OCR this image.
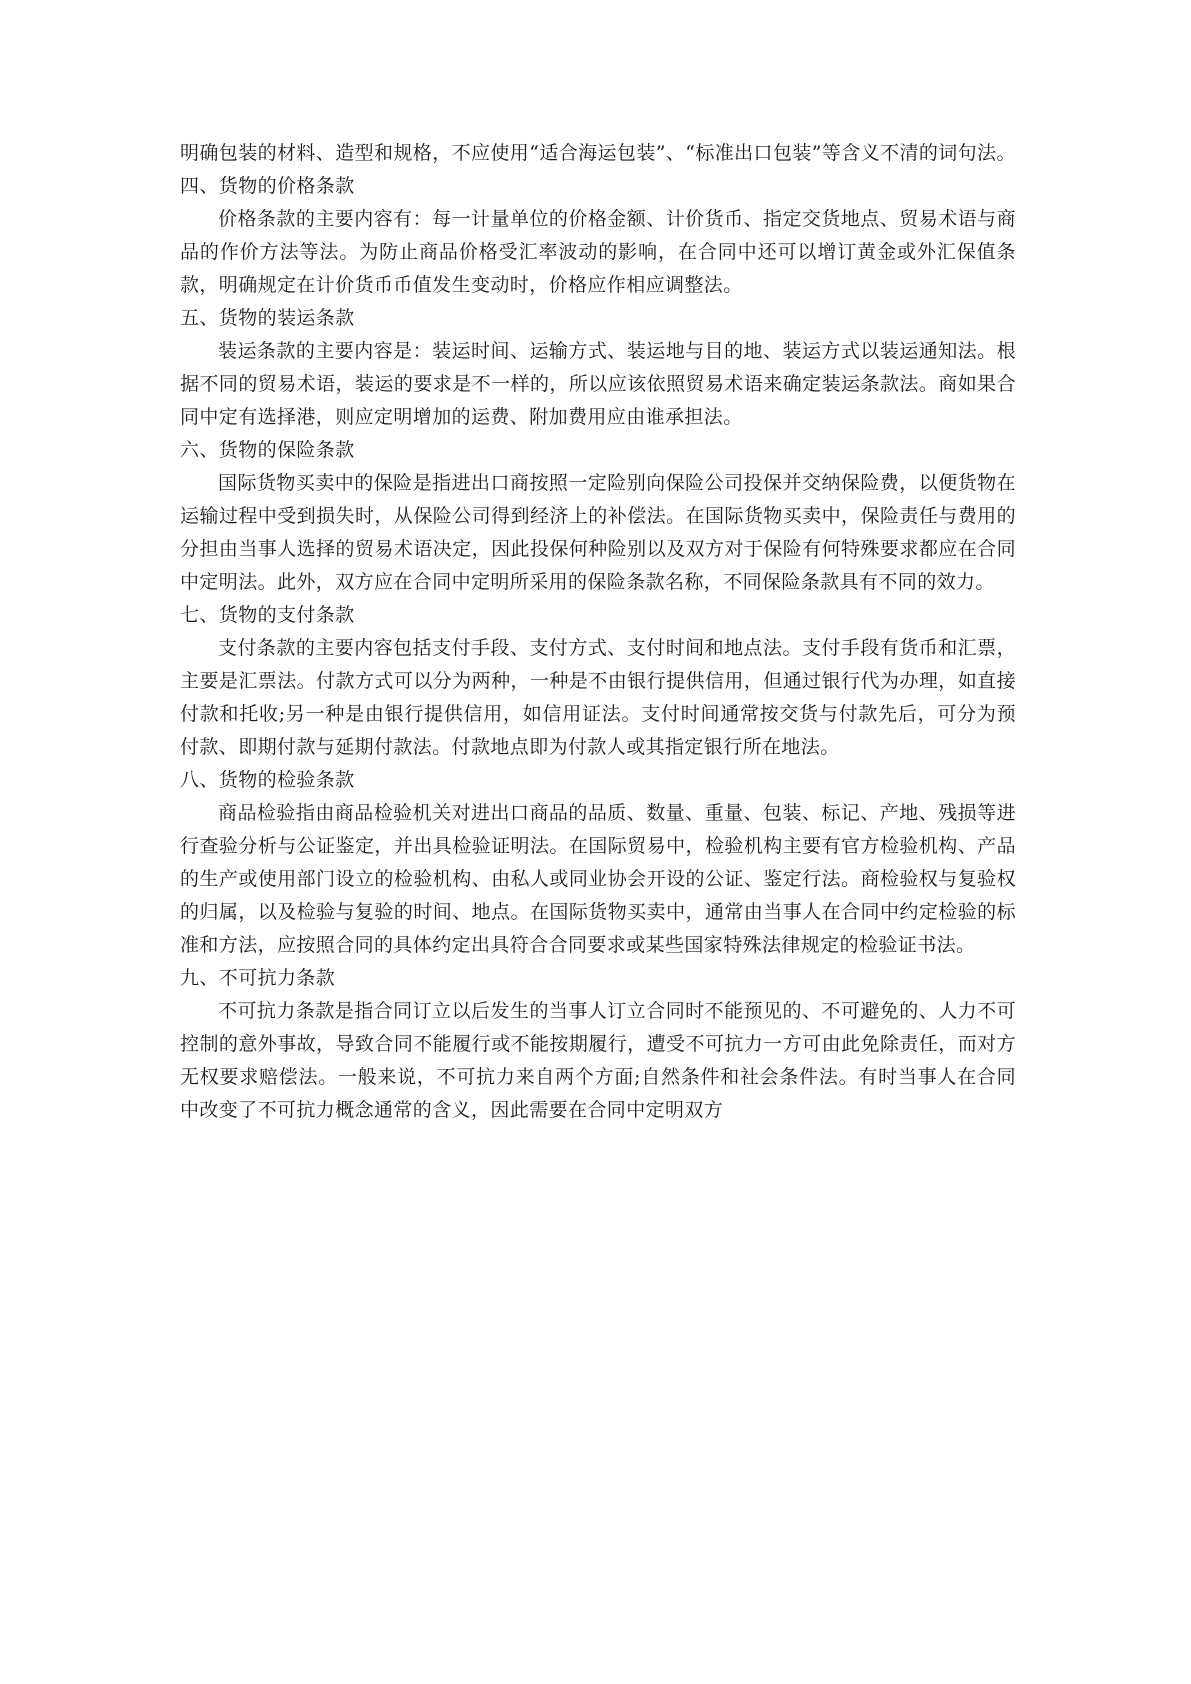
明确包装的材料、造型和规格，不应使用“适合海运包装”、“标准出口包装”等含义不清的词句法。

四、货物的价格条款

价格条款的主要内容有：每一计量单位的价格金额、计价货币、指定交货地点、贸易术语与商品的作价方法等法。为防止商品价格受汇率波动的影响，在合同中还可以增订黄金或外汇保值条款，明确规定在计价货币币值发生变动时，价格应作相应调整法。

五、货物的装运条款

装运条款的主要内容是：装运时间、运输方式、装运地与目的地、装运方式以装运通知法。根据不同的贸易术语，装运的要求是不一样的，所以应该依照贸易术语来确定装运条款法。商如果合同中定有选择港，则应定明增加的运费、附加费用应由谁承担法。

六、货物的保险条款

国际货物买卖中的保险是指进出口商按照一定险别向保险公司投保并交纳保险费，以便货物在运输过程中受到损失时，从保险公司得到经济上的补偿法。在国际货物买卖中，保险责任与费用的分担由当事人选择的贸易术语决定，因此投保何种险别以及双方对于保险有何特殊要求都应在合同中定明法。此外，双方应在合同中定明所采用的保险条款名称，不同保险条款具有不同的效力。

七、货物的支付条款

支付条款的主要内容包括支付手段、支付方式、支付时间和地点法。支付手段有货币和汇票，主要是汇票法。付款方式可以分为两种，一种是不由银行提供信用，但通过银行代为办理，如直接付款和托收;另一种是由银行提供信用，如信用证法。支付时间通常按交货与付款先后，可分为预付款、即期付款与延期付款法。付款地点即为付款人或其指定银行所在地法。

八、货物的检验条款

商品检验指由商品检验机关对进出口商品的品质、数量、重量、包装、标记、产地、残损等进行查验分析与公证鉴定，并出具检验证明法。在国际贸易中，检验机构主要有官方检验机构、产品的生产或使用部门设立的检验机构、由私人或同业协会开设的公证、鉴定行法。商检验权与复验权的归属，以及检验与复验的时间、地点。在国际货物买卖中，通常由当事人在合同中约定检验的标准和方法，应按照合同的具体约定出具符合合同要求或某些国家特殊法律规定的检验证书法。

九、不可抗力条款

不可抗力条款是指合同订立以后发生的当事人订立合同时不能预见的、不可避免的、人力不可控制的意外事故，导致合同不能履行或不能按期履行，遭受不可抗力一方可由此免除责任，而对方无权要求赔偿法。一般来说，不可抗力来自两个方面;自然条件和社会条件法。有时当事人在合同中改变了不可抗力概念通常的含义，因此需要在合同中定明双方
